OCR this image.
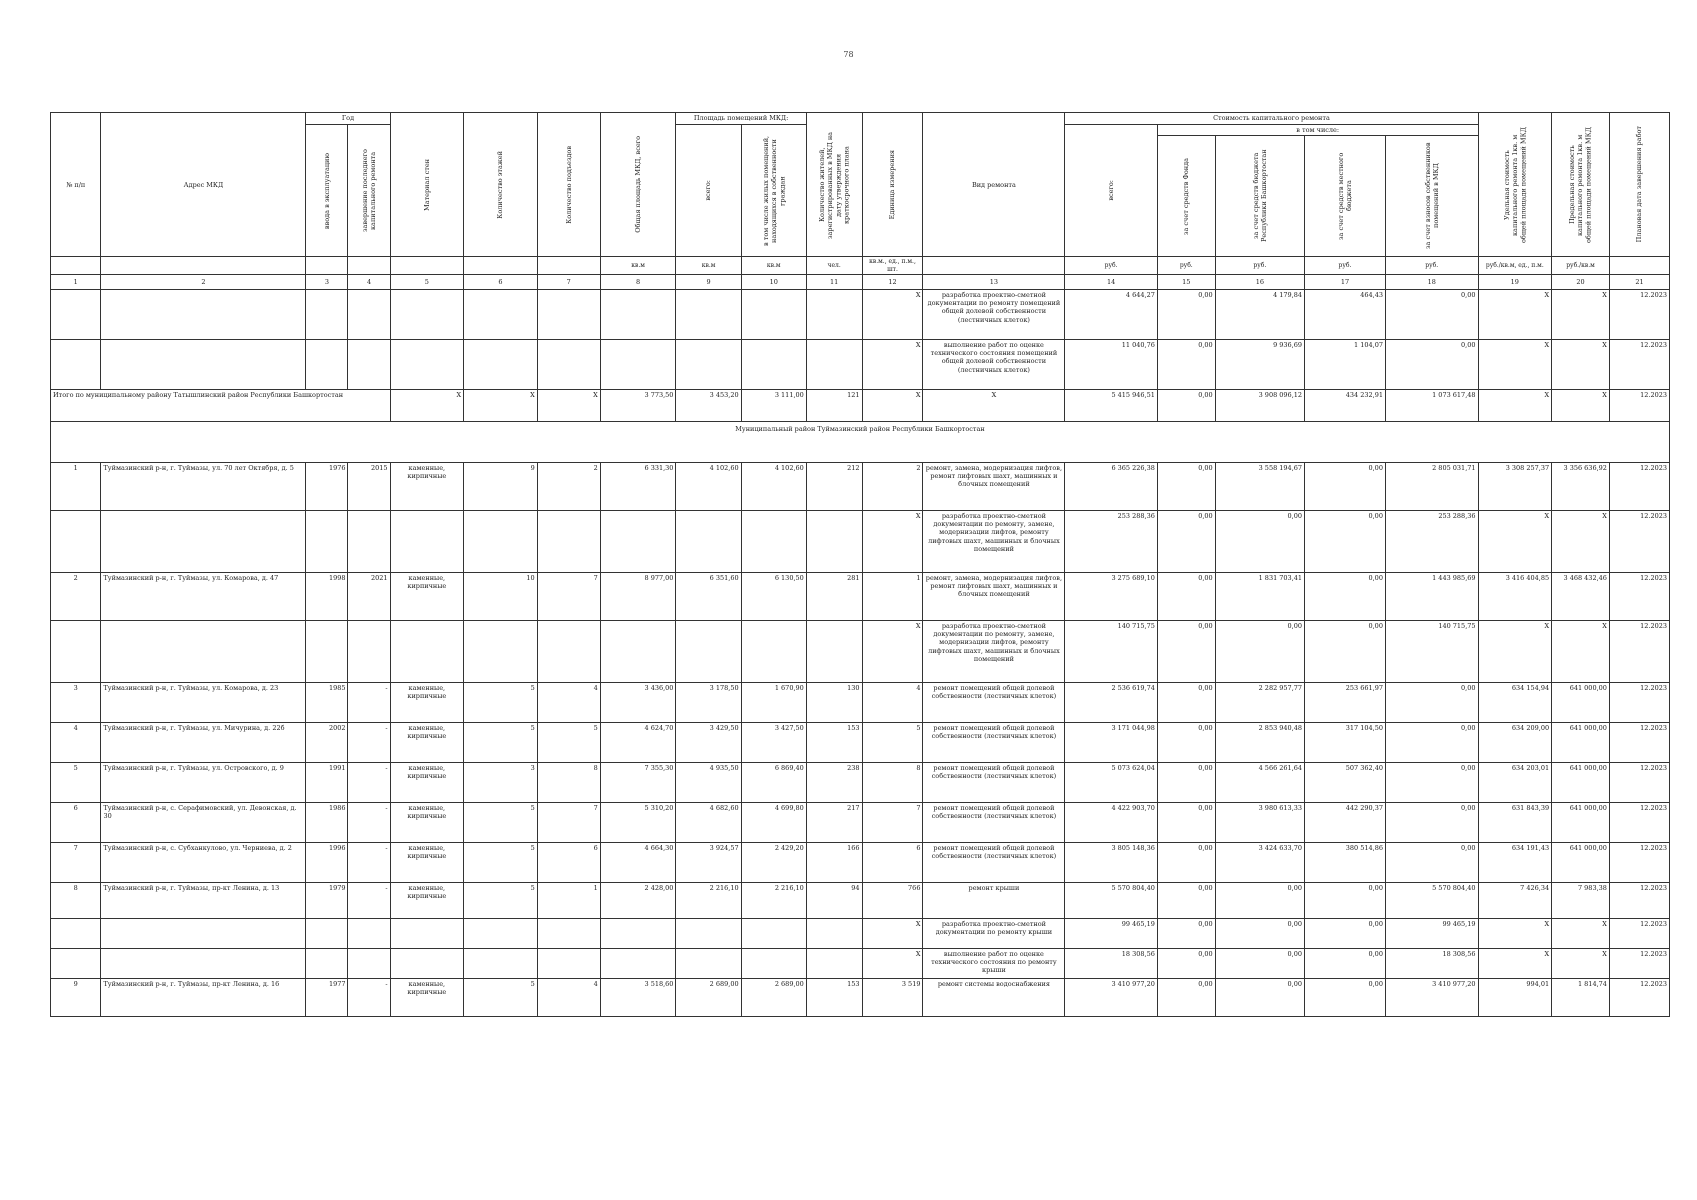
78
№ п/п	Адрес МКД	Год		Материал стен	Количество этажей	Количество подъездов	Общая площадь МКД, всего	Площадь помещений МКД:		Количество жителей, зарегистрированных в МКД на дату утверждения краткосрочного плана	Единица измерения	Вид ремонта	Стоимость капитального ремонта					Удельная стоимость капитального ремонта 1кв. м общей площади помещений МКД	Предельная стоимость капитального ремонта 1кв. м общей площади помещений МКД	Плановая дата завершения работ

		ввода в эксплуатацию	завершение последнего капитального ремонта					всего:	в том числе жилых помещений, находящихся в собственности граждан				всего:	в том числе:						

														за счет средств Фонда	за счет средств бюджета Республики Башкортостан	за счет средств местного бюджета	за счет взносов собственников помещений в МКД			

							кв.м	кв.м	кв.м	чел.	кв.м., ед., п.м., шт.		руб.	руб.	руб.	руб.	руб.	руб./кв.м, ед., п.м.	руб./кв.м	
1	2	3	4	5	6	7	8	9	10	11	12	13	14	15	16	17	18	19	20	21
											X	разработка проектно-сметной документации по ремонту помещений общей долевой собственности (лестничных клеток)	4 644,27	0,00	4 179,84	464,43	0,00	X	X	12.2023
											X	выполнение работ по оценке технического состояния помещений общей долевой собственности (лестничных клеток)	11 040,76	0,00	9 936,69	1 104,07	0,00	X	X	12.2023
Итого по муниципальному району Татышлинский район Республики Башкортостан				X	X	X	3 773,50	3 453,20	3 111,00	121	X	X	5 415 946,51	0,00	3 908 096,12	434 232,91	1 073 617,48	X	X	12.2023
Муниципальный район Туймазинский район Республики Башкортостан																				
1	Туймазинский р-н, г. Туймазы, ул. 70 лет Октября, д. 5	1976	2015	каменные, кирпичные	9	2	6 331,30	4 102,60	4 102,60	212	2	ремонт, замена, модернизация лифтов, ремонт лифтовых шахт, машинных и блочных помещений	6 365 226,38	0,00	3 558 194,67	0,00	2 805 031,71	3 308 257,37	3 356 636,92	12.2023
											X	разработка проектно-сметной документации по ремонту, замене, модернизации лифтов, ремонту лифтовых шахт, машинных и блочных помещений	253 288,36	0,00	0,00	0,00	253 288,36	X	X	12.2023
2	Туймазинский р-н, г. Туймазы, ул. Комарова, д. 47	1998	2021	каменные, кирпичные	10	7	8 977,00	6 351,60	6 130,50	281	1	ремонт, замена, модернизация лифтов, ремонт лифтовых шахт, машинных и блочных помещений	3 275 689,10	0,00	1 831 703,41	0,00	1 443 985,69	3 416 404,85	3 468 432,46	12.2023
											X	разработка проектно-сметной документации по ремонту, замене, модернизации лифтов, ремонту лифтовых шахт, машинных и блочных помещений	140 715,75	0,00	0,00	0,00	140 715,75	X	X	12.2023
3	Туймазинский р-н, г. Туймазы, ул. Комарова, д. 23	1985	-	каменные, кирпичные	5	4	3 436,00	3 178,50	1 670,90	130	4	ремонт помещений общей долевой собственности (лестничных клеток)	2 536 619,74	0,00	2 282 957,77	253 661,97	0,00	634 154,94	641 000,00	12.2023
4	Туймазинский р-н, г. Туймазы, ул. Мичурина, д. 22б	2002	-	каменные, кирпичные	5	5	4 624,70	3 429,50	3 427,50	153	5	ремонт помещений общей долевой собственности (лестничных клеток)	3 171 044,98	0,00	2 853 940,48	317 104,50	0,00	634 209,00	641 000,00	12.2023
5	Туймазинский р-н, г. Туймазы, ул. Островского, д. 9	1991	-	каменные, кирпичные	3	8	7 355,30	4 935,50	6 869,40	238	8	ремонт помещений общей долевой собственности (лестничных клеток)	5 073 624,04	0,00	4 566 261,64	507 362,40	0,00	634 203,01	641 000,00	12.2023
6	Туймазинский р-н, с. Серафимовский, ул. Девонская, д. 30	1986	-	каменные, кирпичные	5	7	5 310,20	4 682,60	4 699,80	217	7	ремонт помещений общей долевой собственности (лестничных клеток)	4 422 903,70	0,00	3 980 613,33	442 290,37	0,00	631 843,39	641 000,00	12.2023
7	Туймазинский р-н, с. Субханкулово, ул. Черниева, д. 2	1996	-	каменные, кирпичные	5	6	4 664,30	3 924,57	2 429,20	166	6	ремонт помещений общей долевой собственности (лестничных клеток)	3 805 148,36	0,00	3 424 633,70	380 514,86	0,00	634 191,43	641 000,00	12.2023
8	Туймазинский р-н, г. Туймазы, пр-кт Ленина, д. 13	1979	-	каменные, кирпичные	5	1	2 428,00	2 216,10	2 216,10	94	766	ремонт крыши	5 570 804,40	0,00	0,00	0,00	5 570 804,40	7 426,34	7 983,38	12.2023
											X	разработка проектно-сметной документации по ремонту крыши	99 465,19	0,00	0,00	0,00	99 465,19	X	X	12.2023
											X	выполнение работ по оценке технического состояния по ремонту крыши	18 308,56	0,00	0,00	0,00	18 308,56	X	X	12.2023
9	Туймазинский р-н, г. Туймазы, пр-кт Ленина, д. 16	1977	-	каменные, кирпичные	5	4	3 518,60	2 689,00	2 689,00	153	3 519	ремонт системы водоснабжения	3 410 977,20	0,00	0,00	0,00	3 410 977,20	994,01	1 814,74	12.2023
